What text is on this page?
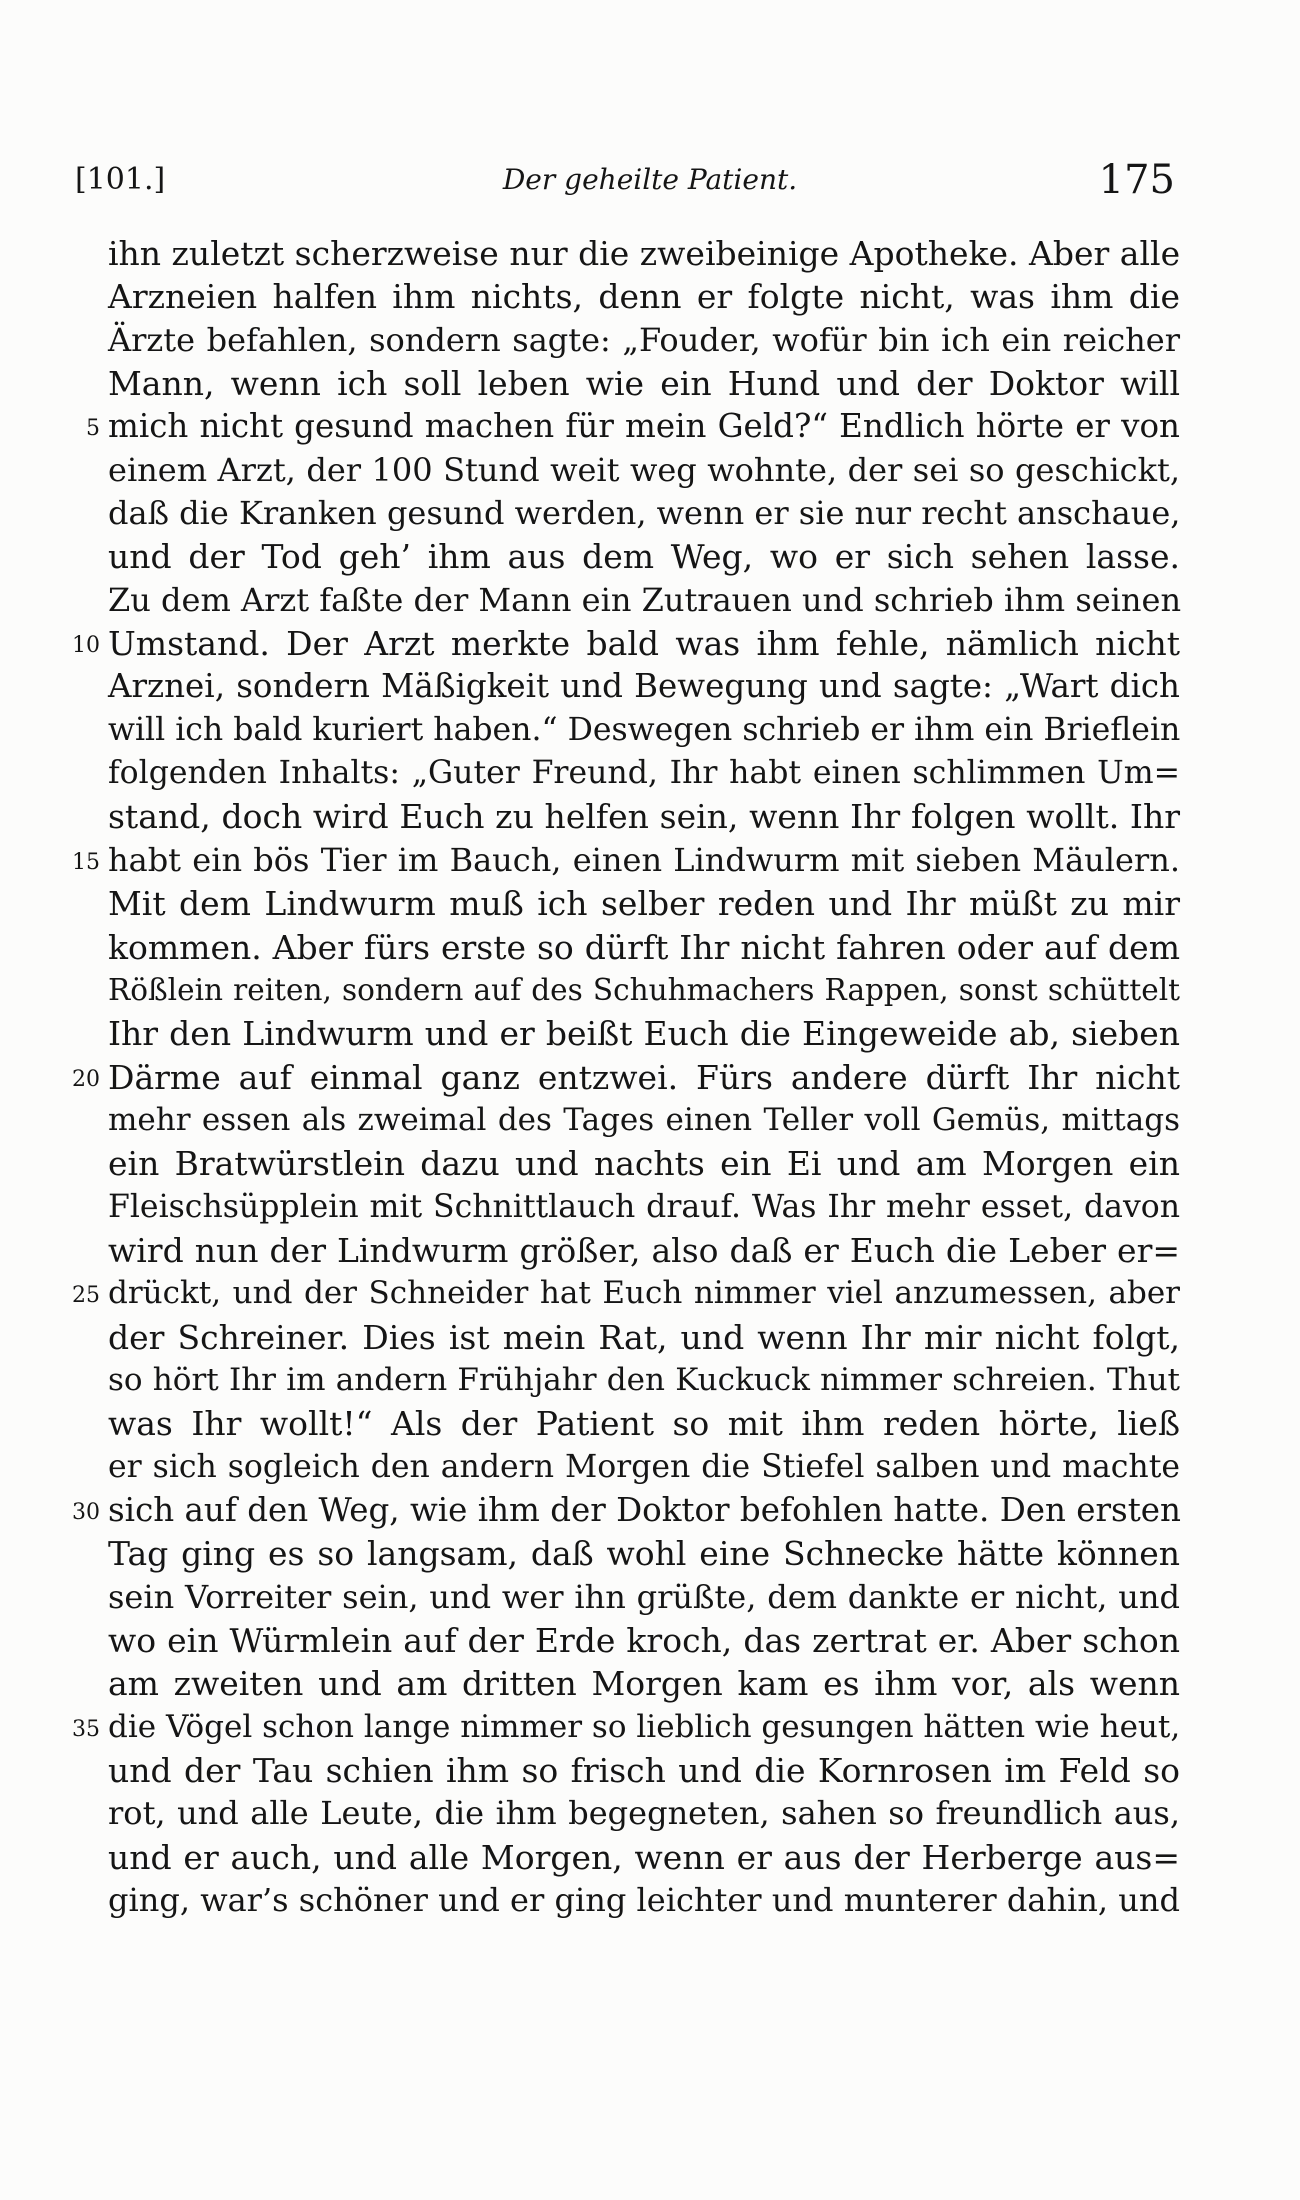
[101.]	Der geheilte Patient.	175
ihn zuletzt scherzweise nur die zweibeinige Apotheke. Aber alle
Arzneien halfen ihm nichts, denn er folgte nicht, was ihm die
Ärzte befahlen, sondern sagte: „Fouder, wofür bin ich ein reicher
Mann, wenn ich soll leben wie ein Hund und der Doktor will
5 mich nicht gesund machen für mein Geld?“ Endlich hörte er von
einem Arzt, der 100 Stund weit weg wohnte, der sei so geschickt,
daß die Kranken gesund werden, wenn er sie nur recht anschaue,
und der Tod geh’ ihm aus dem Weg, wo er sich sehen lasse.
Zu dem Arzt faßte der Mann ein Zutrauen und schrieb ihm seinen
10 Umstand. Der Arzt merkte bald was ihm fehle, nämlich nicht
Arznei, sondern Mäßigkeit und Bewegung und sagte: „Wart dich
will ich bald kuriert haben.“ Deswegen schrieb er ihm ein Brieflein
folgenden Inhalts: „Guter Freund, Ihr habt einen schlimmen Um=
stand, doch wird Euch zu helfen sein, wenn Ihr folgen wollt. Ihr
15 habt ein bös Tier im Bauch, einen Lindwurm mit sieben Mäulern.
Mit dem Lindwurm muß ich selber reden und Ihr müßt zu mir
kommen. Aber fürs erste so dürft Ihr nicht fahren oder auf dem
Rößlein reiten, sondern auf des Schuhmachers Rappen, sonst schüttelt
Ihr den Lindwurm und er beißt Euch die Eingeweide ab, sieben
20 Därme auf einmal ganz entzwei. Fürs andere dürft Ihr nicht
mehr essen als zweimal des Tages einen Teller voll Gemüs, mittags
ein Bratwürstlein dazu und nachts ein Ei und am Morgen ein
Fleischsüpplein mit Schnittlauch drauf. Was Ihr mehr esset, davon
wird nun der Lindwurm größer, also daß er Euch die Leber er=
25 drückt, und der Schneider hat Euch nimmer viel anzumessen, aber
der Schreiner. Dies ist mein Rat, und wenn Ihr mir nicht folgt,
so hört Ihr im andern Frühjahr den Kuckuck nimmer schreien. Thut
was Ihr wollt!“ Als der Patient so mit ihm reden hörte, ließ
er sich sogleich den andern Morgen die Stiefel salben und machte
30 sich auf den Weg, wie ihm der Doktor befohlen hatte. Den ersten
Tag ging es so langsam, daß wohl eine Schnecke hätte können
sein Vorreiter sein, und wer ihn grüßte, dem dankte er nicht, und
wo ein Würmlein auf der Erde kroch, das zertrat er. Aber schon
am zweiten und am dritten Morgen kam es ihm vor, als wenn
35 die Vögel schon lange nimmer so lieblich gesungen hätten wie heut,
und der Tau schien ihm so frisch und die Kornrosen im Feld so
rot, und alle Leute, die ihm begegneten, sahen so freundlich aus,
und er auch, und alle Morgen, wenn er aus der Herberge aus=
ging, war’s schöner und er ging leichter und munterer dahin, und
